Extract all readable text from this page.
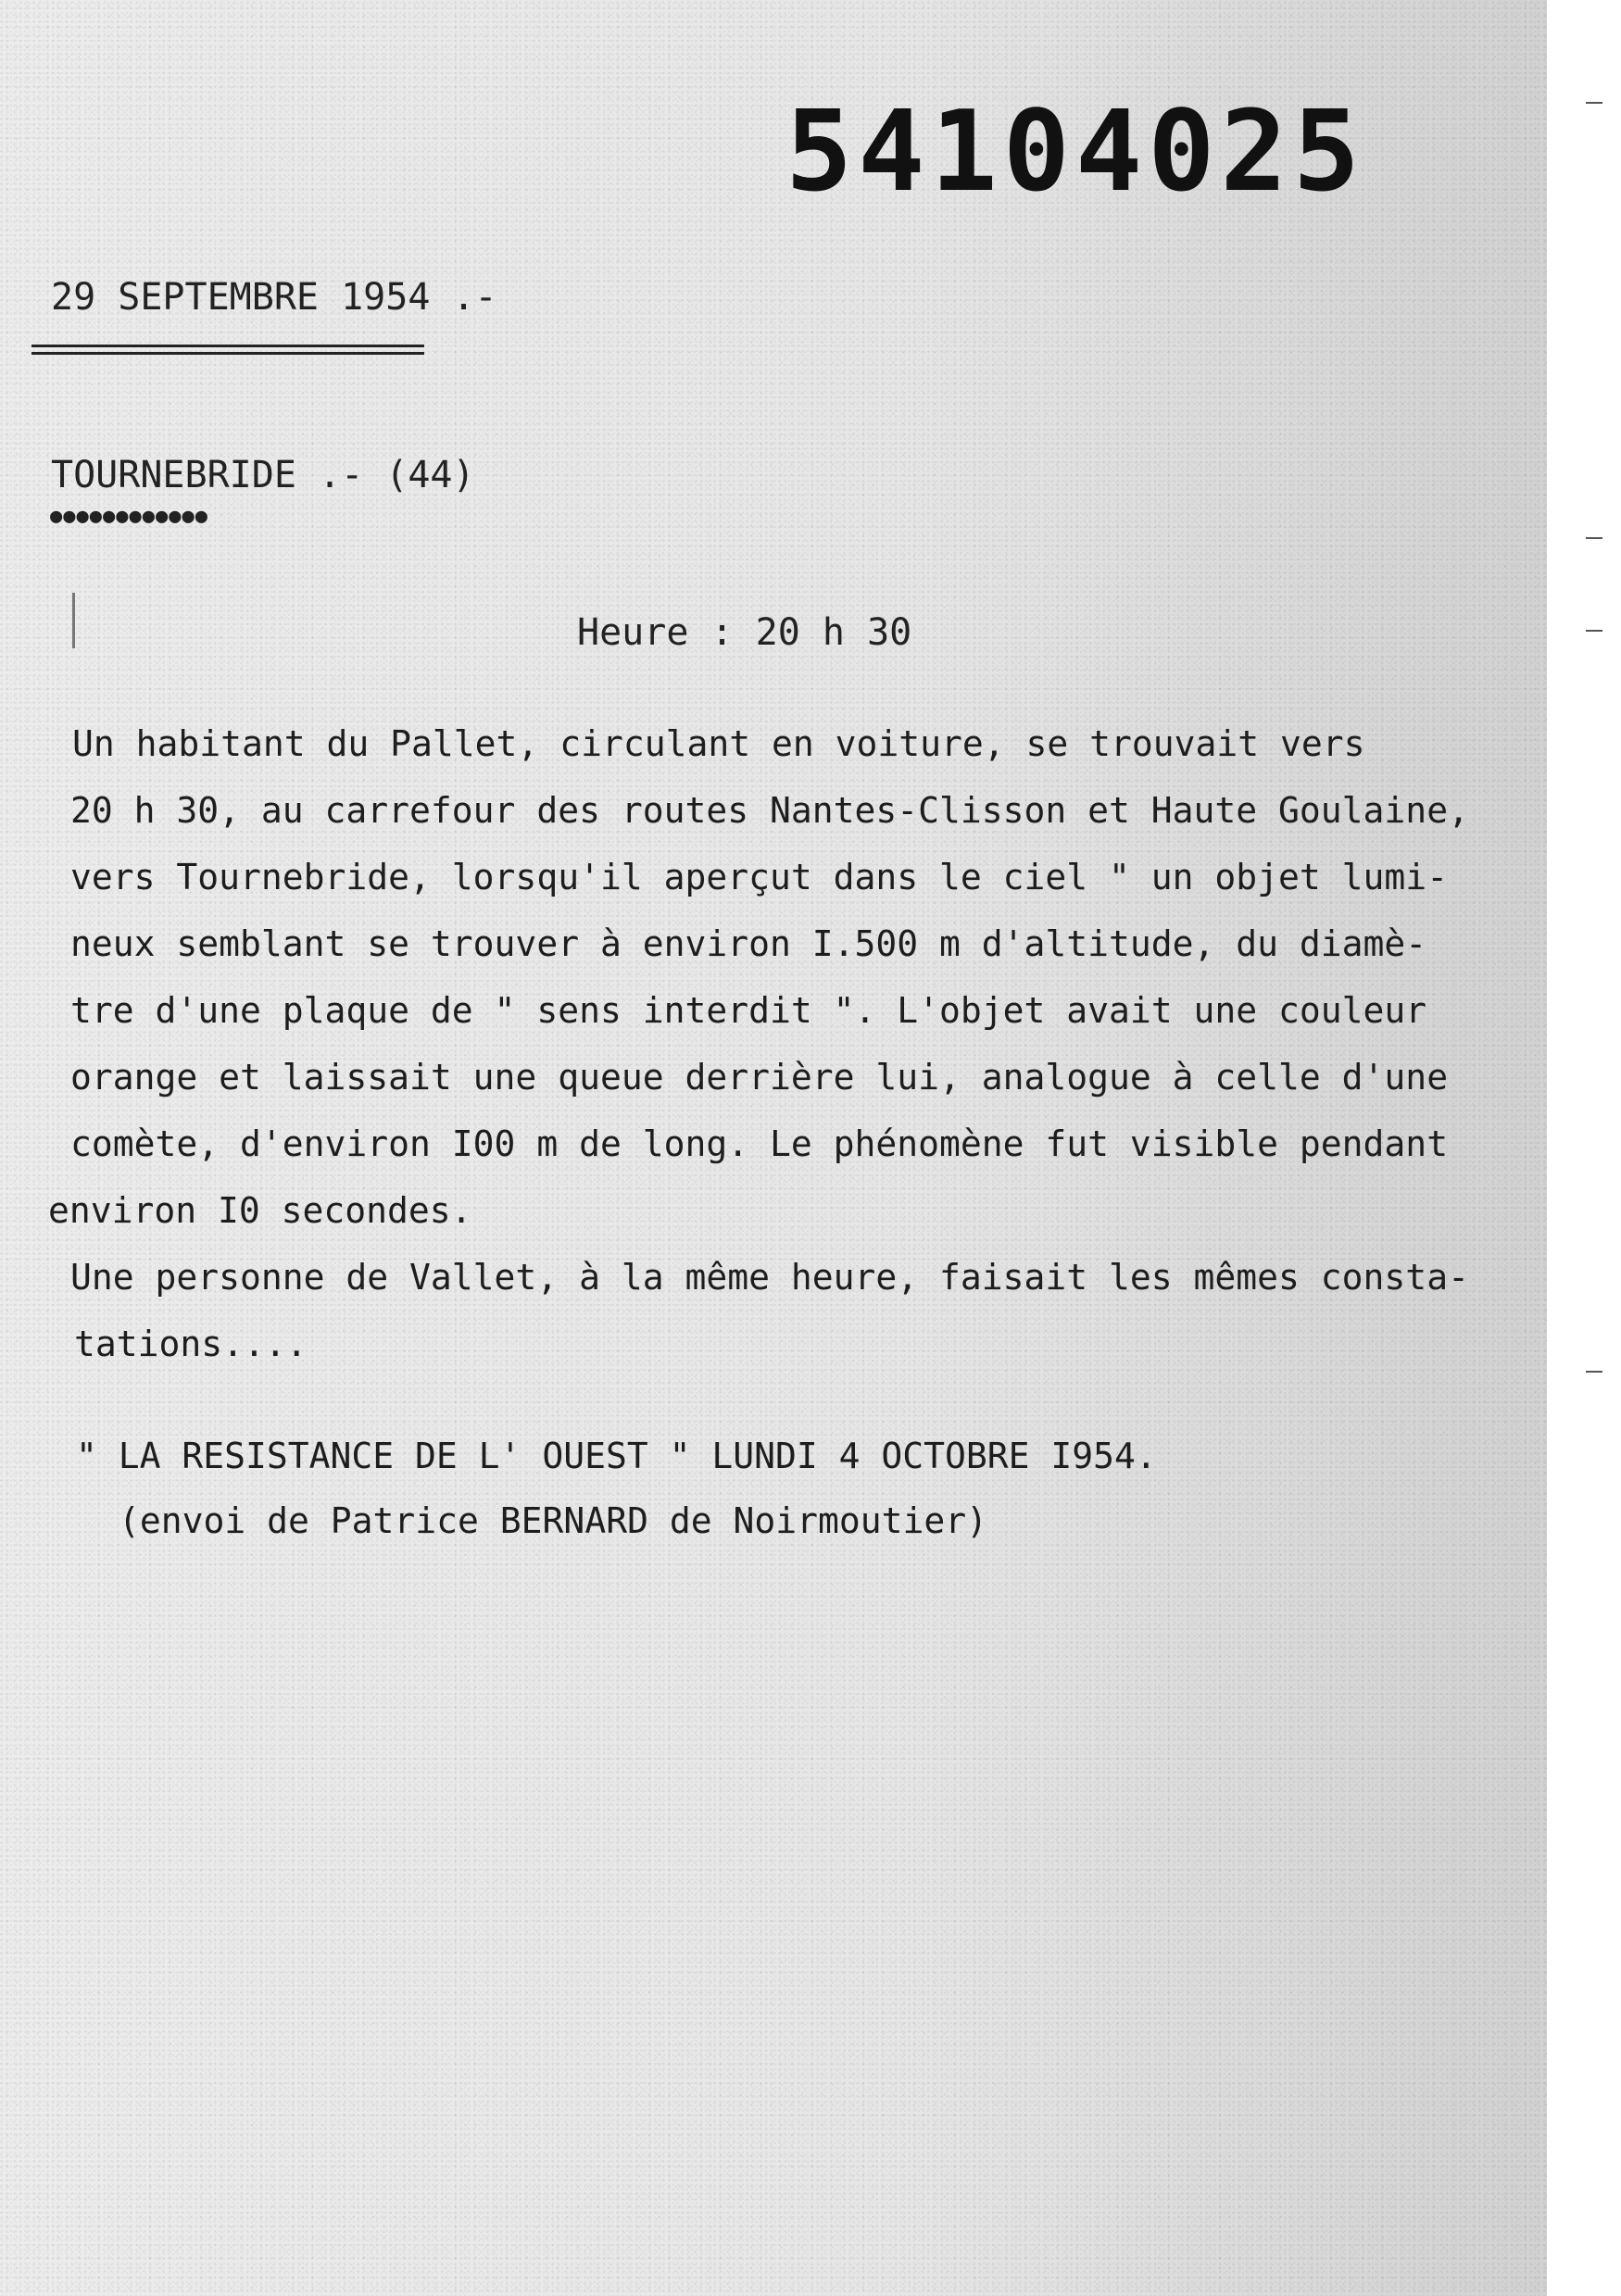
54104025
29 SEPTEMBRE 1954 .-
TOURNEBRIDE .- (44)
●●●●●●●●●●●●
Heure : 20 h 30
Un habitant du Pallet, circulant en voiture, se trouvait vers
20 h 30, au carrefour des routes Nantes-Clisson et Haute Goulaine,
vers Tournebride, lorsqu'il aperçut dans le ciel " un objet lumi-
neux semblant se trouver à environ I.500 m d'altitude, du diamè-
tre d'une plaque de " sens interdit ". L'objet avait une couleur
orange et laissait une queue derrière lui, analogue à celle d'une
comète, d'environ I00 m de long. Le phénomène fut visible pendant
environ I0 secondes.
Une personne de Vallet, à la même heure, faisait les mêmes consta-
tations....
" LA RESISTANCE DE L' OUEST " LUNDI 4 OCTOBRE I954.
(envoi de Patrice BERNARD de Noirmoutier)
